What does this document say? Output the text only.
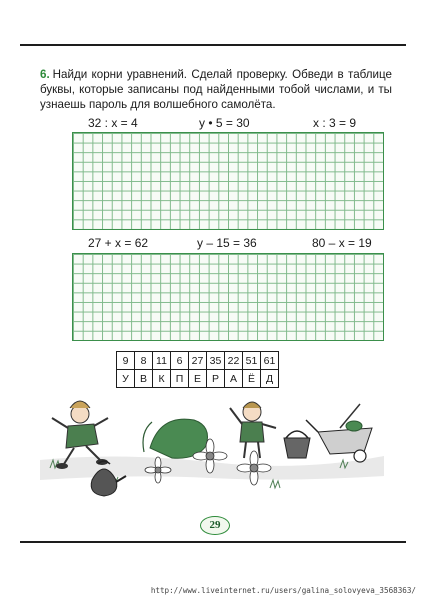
6. Найди корни уравнений. Сделай проверку. Обведи в таблице буквы, которые записаны под найденными тобой числами, и ты узнаешь пароль для волшебного самолёта.
32 : x = 4	y • 5 = 30	x : 3 = 9
27 + x = 62	y – 15 = 36	80 – x = 19
9	8	11	6	27	35	22	51	61
У	В	К	П	Е	Р	А	Ё	Д
29
http://www.liveinternet.ru/users/galina_solovyeva_3568363/
